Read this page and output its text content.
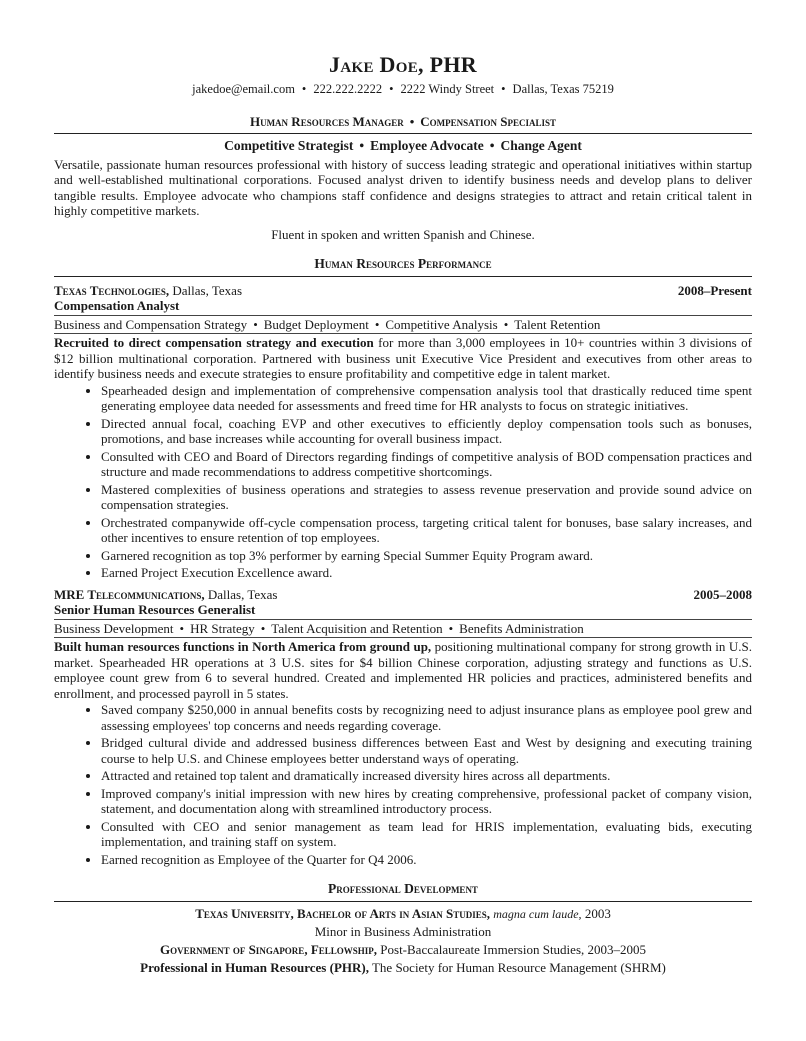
Jake Doe, PHR
jakedoe@email.com • 222.222.2222 • 2222 Windy Street • Dallas, Texas 75219
Human Resources Manager • Compensation Specialist
Competitive Strategist • Employee Advocate • Change Agent
Versatile, passionate human resources professional with history of success leading strategic and operational initiatives within startup and well-established multinational corporations. Focused analyst driven to identify business needs and develop plans to deliver tangible results. Employee advocate who champions staff confidence and designs strategies to attract and retain critical talent in highly competitive markets.
Fluent in spoken and written Spanish and Chinese.
Human Resources Performance
Texas Technologies, Dallas, Texas	2008–Present
Compensation Analyst
Business and Compensation Strategy • Budget Deployment • Competitive Analysis • Talent Retention
Recruited to direct compensation strategy and execution for more than 3,000 employees in 10+ countries within 3 divisions of $12 billion multinational corporation. Partnered with business unit Executive Vice President and executives from other areas to identify business needs and execute strategies to ensure profitability and competitive edge in talent market.
• Spearheaded design and implementation of comprehensive compensation analysis tool that drastically reduced time spent generating employee data needed for assessments and freed time for HR analysts to focus on strategic initiatives.
• Directed annual focal, coaching EVP and other executives to efficiently deploy compensation tools such as bonuses, promotions, and base increases while accounting for overall business impact.
• Consulted with CEO and Board of Directors regarding findings of competitive analysis of BOD compensation practices and structure and made recommendations to address competitive shortcomings.
• Mastered complexities of business operations and strategies to assess revenue preservation and provide sound advice on compensation strategies.
• Orchestrated companywide off-cycle compensation process, targeting critical talent for bonuses, base salary increases, and other incentives to ensure retention of top employees.
• Garnered recognition as top 3% performer by earning Special Summer Equity Program award.
• Earned Project Execution Excellence award.
MRE Telecommunications, Dallas, Texas	2005–2008
Senior Human Resources Generalist
Business Development • HR Strategy • Talent Acquisition and Retention • Benefits Administration
Built human resources functions in North America from ground up, positioning multinational company for strong growth in U.S. market. Spearheaded HR operations at 3 U.S. sites for $4 billion Chinese corporation, adjusting strategy and functions as U.S. employee count grew from 6 to several hundred. Created and implemented HR policies and practices, administered benefits and enrollment, and processed payroll in 5 states.
• Saved company $250,000 in annual benefits costs by recognizing need to adjust insurance plans as employee pool grew and assessing employees' top concerns and needs regarding coverage.
• Bridged cultural divide and addressed business differences between East and West by designing and executing training course to help U.S. and Chinese employees better understand ways of operating.
• Attracted and retained top talent and dramatically increased diversity hires across all departments.
• Improved company's initial impression with new hires by creating comprehensive, professional packet of company vision, statement, and documentation along with streamlined introductory process.
• Consulted with CEO and senior management as team lead for HRIS implementation, evaluating bids, executing implementation, and training staff on system.
• Earned recognition as Employee of the Quarter for Q4 2006.
Professional Development
Texas University, Bachelor of Arts in Asian Studies, magna cum laude, 2003
Minor in Business Administration
Government of Singapore, Fellowship, Post-Baccalaureate Immersion Studies, 2003–2005
Professional in Human Resources (PHR), The Society for Human Resource Management (SHRM)
